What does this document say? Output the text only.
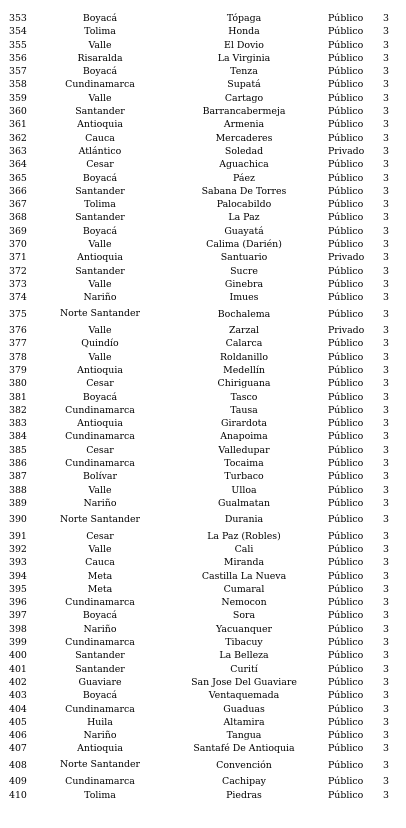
353	Boyacá	Tópaga	Público	3
354	Tolima	Honda	Público	3
355	Valle	El Dovio	Público	3
356	Risaralda	La Virginia	Público	3
357	Boyacá	Tenza	Público	3
358	Cundinamarca	Supatá	Público	3
359	Valle	Cartago	Público	3
360	Santander	Barrancabermeja	Público	3
361	Antioquia	Armenia	Público	3
362	Cauca	Mercaderes	Público	3
363	Atlántico	Soledad	Privado	3
364	Cesar	Aguachica	Público	3
365	Boyacá	Páez	Público	3
366	Santander	Sabana De Torres	Público	3
367	Tolima	Palocabildo	Público	3
368	Santander	La Paz	Público	3
369	Boyacá	Guayatá	Público	3
370	Valle	Calima (Darién)	Público	3
371	Antioquia	Santuario	Privado	3
372	Santander	Sucre	Público	3
373	Valle	Ginebra	Público	3
374	Nariño	Imues	Público	3
375	Norte Santander	Bochalema	Público	3
376	Valle	Zarzal	Privado	3
377	Quindío	Calarca	Público	3
378	Valle	Roldanillo	Público	3
379	Antioquia	Medellín	Público	3
380	Cesar	Chiriguana	Público	3
381	Boyacá	Tasco	Público	3
382	Cundinamarca	Tausa	Público	3
383	Antioquia	Girardota	Público	3
384	Cundinamarca	Anapoima	Público	3
385	Cesar	Valledupar	Público	3
386	Cundinamarca	Tocaima	Público	3
387	Bolívar	Turbaco	Público	3
388	Valle	Ulloa	Público	3
389	Nariño	Gualmatan	Público	3
390	Norte Santander	Durania	Público	3
391	Cesar	La Paz (Robles)	Público	3
392	Valle	Cali	Público	3
393	Cauca	Miranda	Público	3
394	Meta	Castilla La Nueva	Público	3
395	Meta	Cumaral	Público	3
396	Cundinamarca	Nemocon	Público	3
397	Boyacá	Sora	Público	3
398	Nariño	Yacuanquer	Público	3
399	Cundinamarca	Tibacuy	Público	3
400	Santander	La Belleza	Público	3
401	Santander	Curití	Público	3
402	Guaviare	San Jose Del Guaviare	Público	3
403	Boyacá	Ventaquemada	Público	3
404	Cundinamarca	Guaduas	Público	3
405	Huila	Altamira	Público	3
406	Nariño	Tangua	Público	3
407	Antioquia	Santafé De Antioquia	Público	3
408	Norte Santander	Convención	Público	3
409	Cundinamarca	Cachipay	Público	3
410	Tolima	Piedras	Público	3
